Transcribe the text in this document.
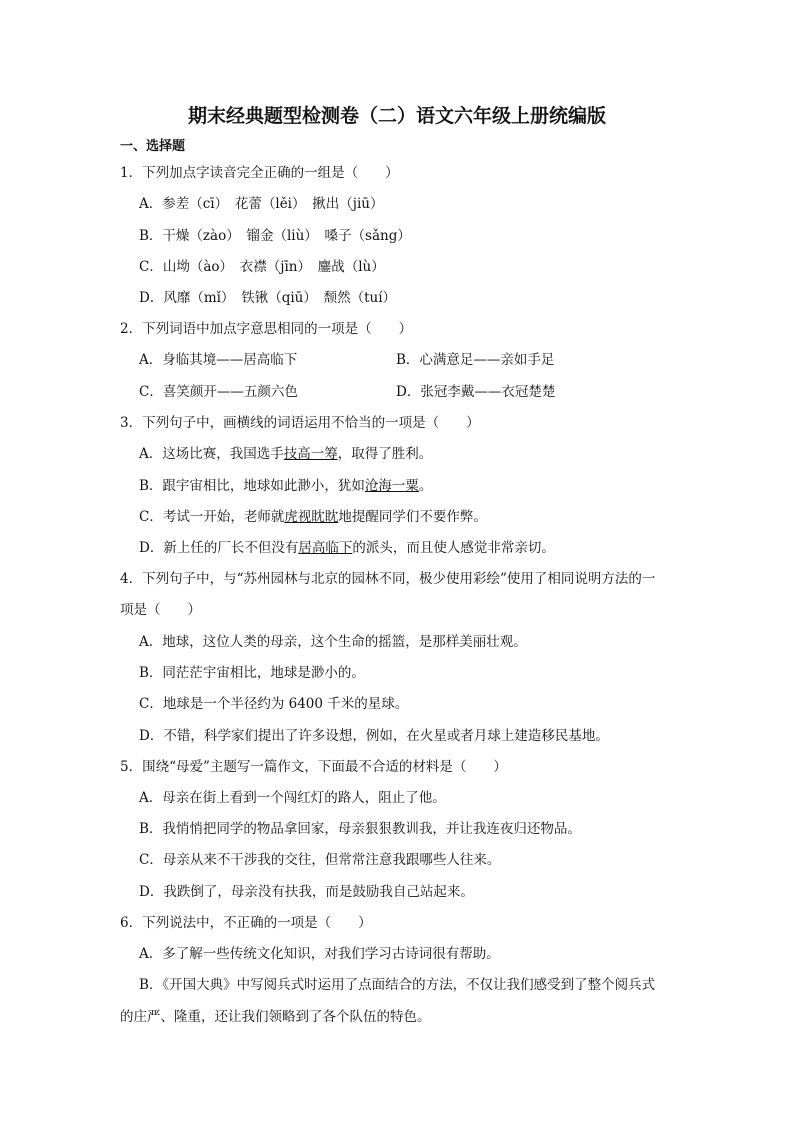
期末经典题型检测卷（二）语文六年级上册统编版
一、选择题
1．下列加点字读音完全正确的一组是（　　）
A．参差（cī）　花蕾（lěi）　揪出（jiū）
B．干燥（zào）　镏金（liù）　嗓子（sǎng）
C．山坳（ào）　衣襟（jīn）　鏖战（lù）
D．风靡（mǐ）　铁锹（qiū）　颓然（tuí）
2．下列词语中加点字意思相同的一项是（　　）
A．身临其境——居高临下	B．心满意足——亲如手足
C．喜笑颜开——五颜六色	D．张冠李戴——衣冠楚楚
3．下列句子中，画横线的词语运用不恰当的一项是（　　）
A．这场比赛，我国选手技高一筹，取得了胜利。
B．跟宇宙相比，地球如此渺小，犹如沧海一粟。
C．考试一开始，老师就虎视眈眈地提醒同学们不要作弊。
D．新上任的厂长不但没有居高临下的派头，而且使人感觉非常亲切。
4．下列句子中，与“苏州园林与北京的园林不同，极少使用彩绘”使用了相同说明方法的一
项是（　　）
A．地球，这位人类的母亲，这个生命的摇篮，是那样美丽壮观。
B．同茫茫宇宙相比，地球是渺小的。
C．地球是一个半径约为 6400 千米的星球。
D．不错，科学家们提出了许多设想，例如，在火星或者月球上建造移民基地。
5．围绕“母爱”主题写一篇作文，下面最不合适的材料是（　　）
A．母亲在街上看到一个闯红灯的路人，阻止了他。
B．我悄悄把同学的物品拿回家，母亲狠狠教训我，并让我连夜归还物品。
C．母亲从来不干涉我的交往，但常常注意我跟哪些人往来。
D．我跌倒了，母亲没有扶我，而是鼓励我自己站起来。
6．下列说法中，不正确的一项是（　　）
A．多了解一些传统文化知识，对我们学习古诗词很有帮助。
B．《开国大典》中写阅兵式时运用了点面结合的方法，不仅让我们感受到了整个阅兵式
的庄严、隆重，还让我们领略到了各个队伍的特色。
